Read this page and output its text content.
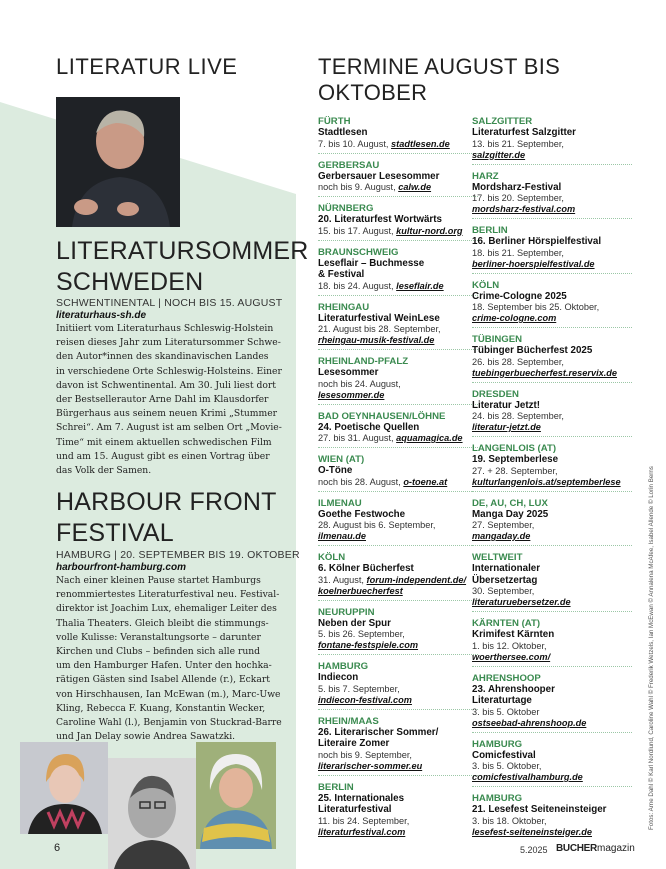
LITERATUR LIVE	TERMINE AUGUST BIS OKTOBER
LITERATURSOMMER
SCHWEDEN
SCHWENTINENTAL | NOCH BIS 15. AUGUST
literaturhaus-sh.de
Initiiert vom Literaturhaus Schleswig-Holstein
reisen dieses Jahr zum Literatursommer Schwe-
den Autor*innen des skandinavischen Landes
in verschiedene Orte Schleswig-Holsteins. Einer
davon ist Schwentinental. Am 30. Juli liest dort
der Bestsellerautor Arne Dahl im Klausdorfer
Bürgerhaus aus seinem neuen Krimi „Stummer
Schrei“. Am 7. August ist am selben Ort „Movie-
Time“ mit einem aktuellen schwedischen Film
und am 15. August gibt es einen Vortrag über
das Volk der Samen.
HARBOUR FRONT
FESTIVAL
HAMBURG | 20. SEPTEMBER BIS 19. OKTOBER
harbourfront-hamburg.com
Nach einer kleinen Pause startet Hamburgs
renommiertestes Literaturfestival neu. Festival-
direktor ist Joachim Lux, ehemaliger Leiter des
Thalia Theaters. Gleich bleibt die stimmungs-
volle Kulisse: Veranstaltungsorte – darunter
Kirchen und Clubs – befinden sich alle rund
um den Hamburger Hafen. Unter den hochka-
rätigen Gästen sind Isabel Allende (r.), Eckart
von Hirschhausen, Ian McEwan (m.), Marc-Uwe
Kling, Rebecca F. Kuang, Konstantin Wecker,
Caroline Wahl (l.), Benjamin von Stuckrad-Barre
und Jan Delay sowie Andrea Sawatzki.
FÜRTH
Stadtlesen
7. bis 10. August, stadtlesen.de
GERBERSAU
Gerbersauer Lesesommer
noch bis 9. August, calw.de
NÜRNBERG
20. Literaturfest Wortwärts
15. bis 17. August, kultur-nord.org
BRAUNSCHWEIG
Leseflair – Buchmesse
& Festival
18. bis 24. August, leseflair.de
RHEINGAU
Literaturfestival WeinLese
21. August bis 28. September,
rheingau-musik-festival.de
RHEINLAND-PFALZ
Lesesommer
noch bis 24. August,
lesesommer.de
BAD OEYNHAUSEN/LÖHNE
24. Poetische Quellen
27. bis 31. August, aquamagica.de
WIEN (AT)
O-Töne
noch bis 28. August, o-toene.at
ILMENAU
Goethe Festwoche
28. August bis 6. September,
ilmenau.de
KÖLN
6. Kölner Bücherfest
31. August, forum-independent.de/
koelnerbuecherfest
NEURUPPIN
Neben der Spur
5. bis 26. September,
fontane-festspiele.com
HAMBURG
Indiecon
5. bis 7. September,
indiecon-festival.com
RHEIN/MAAS
26. Literarischer Sommer/
Literaire Zomer
noch bis 9. September,
literarischer-sommer.eu
BERLIN
25. Internationales
Literaturfestival
11. bis 24. September,
literaturfestival.com
SALZGITTER
Literaturfest Salzgitter
13. bis 21. September,
salzgitter.de
HARZ
Mordsharz-Festival
17. bis 20. September,
mordsharz-festival.com
BERLIN
16. Berliner Hörspielfestival
18. bis 21. September,
berliner-hoerspielfestival.de
KÖLN
Crime-Cologne 2025
18. September bis 25. Oktober,
crime-cologne.com
TÜBINGEN
Tübinger Bücherfest 2025
26. bis 28. September,
tuebingerbuecherfest.reservix.de
DRESDEN
Literatur Jetzt!
24. bis 28. September,
literatur-jetzt.de
LANGENLOIS (AT)
19. Septemberlese
27. + 28. September,
kulturlangenlois.at/septemberlese
DE, AU, CH, LUX
Manga Day 2025
27. September,
mangaday.de
WELTWEIT
Internationaler
Übersetzertag
30. September,
literaturuebersetzer.de
KÄRNTEN (AT)
Krimifest Kärnten
1. bis 12. Oktober,
woerthersee.com/
AHRENSHOOP
23. Ahrenshooper
Literaturtage
3. bis 5. Oktober
ostseebad-ahrenshoop.de
HAMBURG
Comicfestival
3. bis 5. Oktober,
comicfestivalhamburg.de
HAMBURG
21. Lesefest Seiteneinsteiger
3. bis 18. Oktober,
lesefest-seiteneinsteiger.de
Fotos: Arne Dahl © Karl Nordlund, Caroline Wahl © Frederik Wetzels, Ian McEwan © Annalena McAfee, Isabel Allende © Lorin Berns
6	5.2025 BUCHERmagazin
